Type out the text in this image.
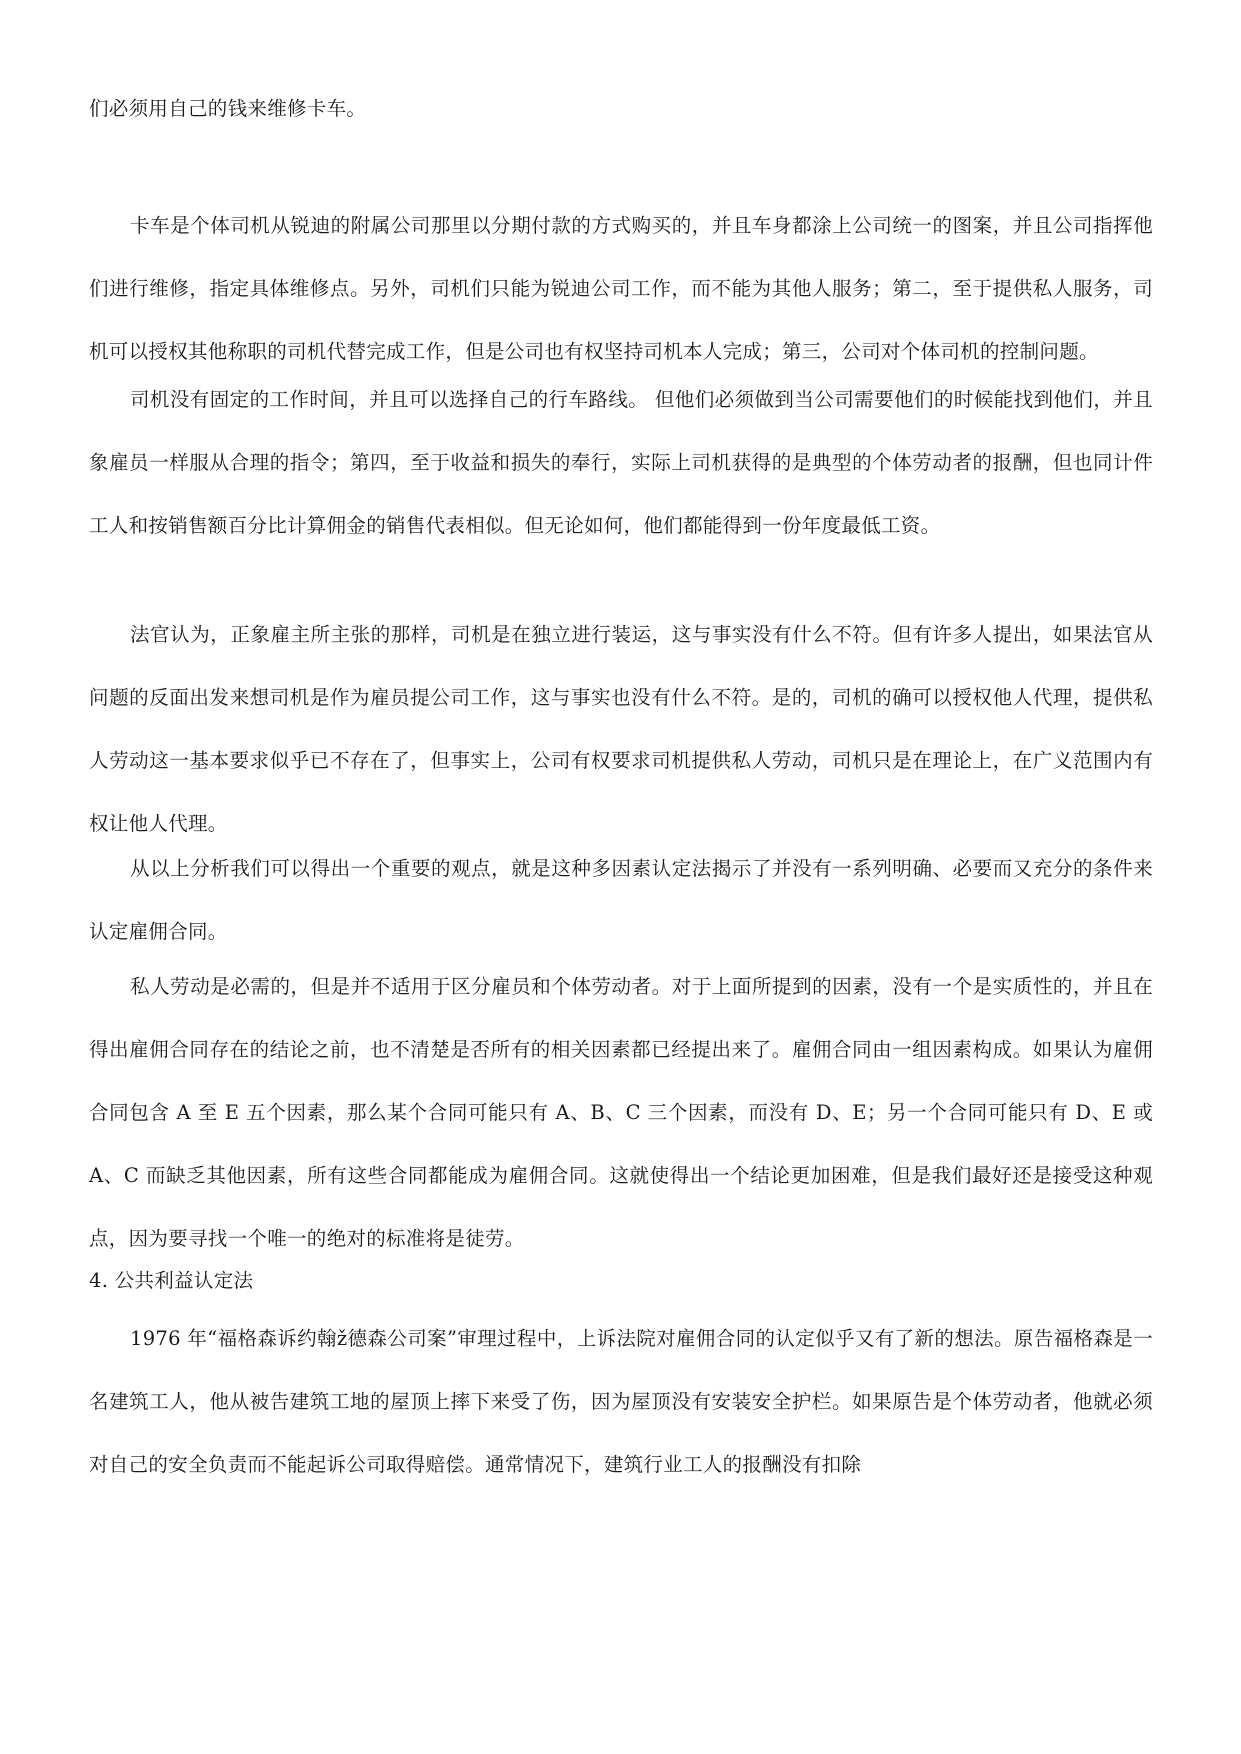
们必须用自己的钱来维修卡车。

卡车是个体司机从锐迪的附属公司那里以分期付款的方式购买的，并且车身都涂上公司统一的图案，并且公司指挥他们进行维修，指定具体维修点。另外，司机们只能为锐迪公司工作，而不能为其他人服务；第二，至于提供私人服务，司机可以授权其他称职的司机代替完成工作，但是公司也有权坚持司机本人完成；第三，公司对个体司机的控制问题。

司机没有固定的工作时间，并且可以选择自己的行车路线。 但他们必须做到当公司需要他们的时候能找到他们，并且象雇员一样服从合理的指令；第四，至于收益和损失的奉行，实际上司机获得的是典型的个体劳动者的报酬，但也同计件工人和按销售额百分比计算佣金的销售代表相似。但无论如何，他们都能得到一份年度最低工资。

法官认为，正象雇主所主张的那样，司机是在独立进行装运，这与事实没有什么不符。但有许多人提出，如果法官从问题的反面出发来想司机是作为雇员提公司工作，这与事实也没有什么不符。是的，司机的确可以授权他人代理，提供私人劳动这一基本要求似乎已不存在了，但事实上，公司有权要求司机提供私人劳动，司机只是在理论上，在广义范围内有权让他人代理。

从以上分析我们可以得出一个重要的观点，就是这种多因素认定法揭示了并没有一系列明确、必要而又充分的条件来认定雇佣合同。

私人劳动是必需的，但是并不适用于区分雇员和个体劳动者。对于上面所提到的因素，没有一个是实质性的，并且在得出雇佣合同存在的结论之前，也不清楚是否所有的相关因素都已经提出来了。雇佣合同由一组因素构成。如果认为雇佣合同包含 A 至 E 五个因素，那么某个合同可能只有 A、B、C 三个因素，而没有 D、E；另一个合同可能只有 D、E 或 A、C 而缺乏其他因素，所有这些合同都能成为雇佣合同。这就使得出一个结论更加困难，但是我们最好还是接受这种观点，因为要寻找一个唯一的绝对的标准将是徒劳。

4. 公共利益认定法

1976 年“福格森诉约翰ž德森公司案”审理过程中，上诉法院对雇佣合同的认定似乎又有了新的想法。原告福格森是一名建筑工人，他从被告建筑工地的屋顶上摔下来受了伤，因为屋顶没有安装安全护栏。如果原告是个体劳动者，他就必须对自己的安全负责而不能起诉公司取得赔偿。通常情况下，建筑行业工人的报酬没有扣除
